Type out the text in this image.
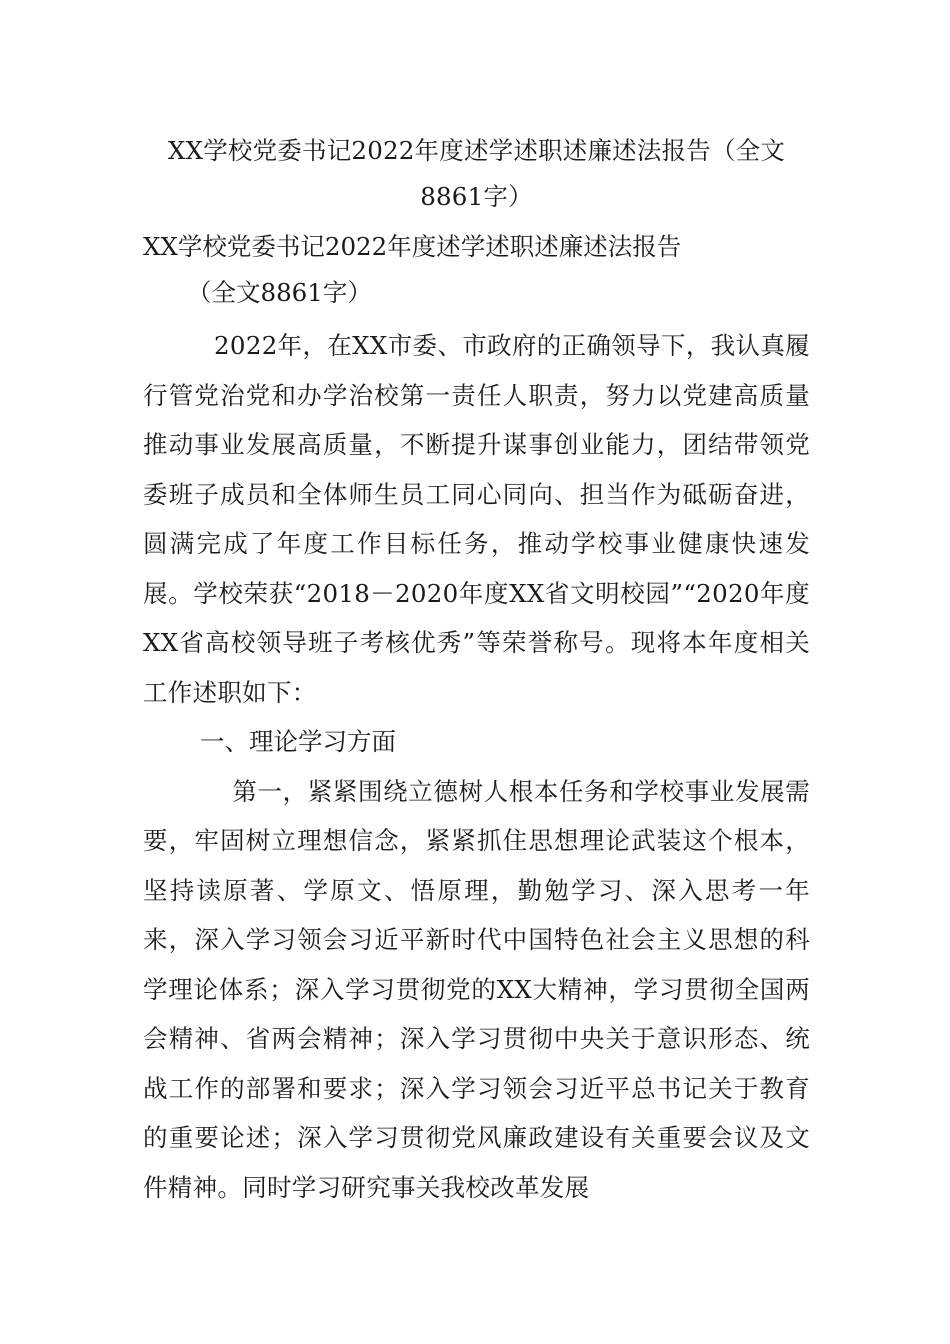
XX学校党委书记2022年度述学述职述廉述法报告（全文8861字）

XX学校党委书记2022年度述学述职述廉述法报告

（全文8861字）

2022年，在XX市委、市政府的正确领导下，我认真履行管党治党和办学治校第一责任人职责，努力以党建高质量推动事业发展高质量，不断提升谋事创业能力，团结带领党委班子成员和全体师生员工同心同向、担当作为砥砺奋进，圆满完成了年度工作目标任务，推动学校事业健康快速发展。学校荣获“2018－2020年度XX省文明校园”“2020年度XX省高校领导班子考核优秀”等荣誉称号。现将本年度相关工作述职如下：

一、理论学习方面

第一，紧紧围绕立德树人根本任务和学校事业发展需要，牢固树立理想信念，紧紧抓住思想理论武装这个根本，坚持读原著、学原文、悟原理，勤勉学习、深入思考一年来，深入学习领会习近平新时代中国特色社会主义思想的科学理论体系；深入学习贯彻党的XX大精神，学习贯彻全国两会精神、省两会精神；深入学习贯彻中央关于意识形态、统战工作的部署和要求；深入学习领会习近平总书记关于教育的重要论述；深入学习贯彻党风廉政建设有关重要会议及文件精神。同时学习研究事关我校改革发展
